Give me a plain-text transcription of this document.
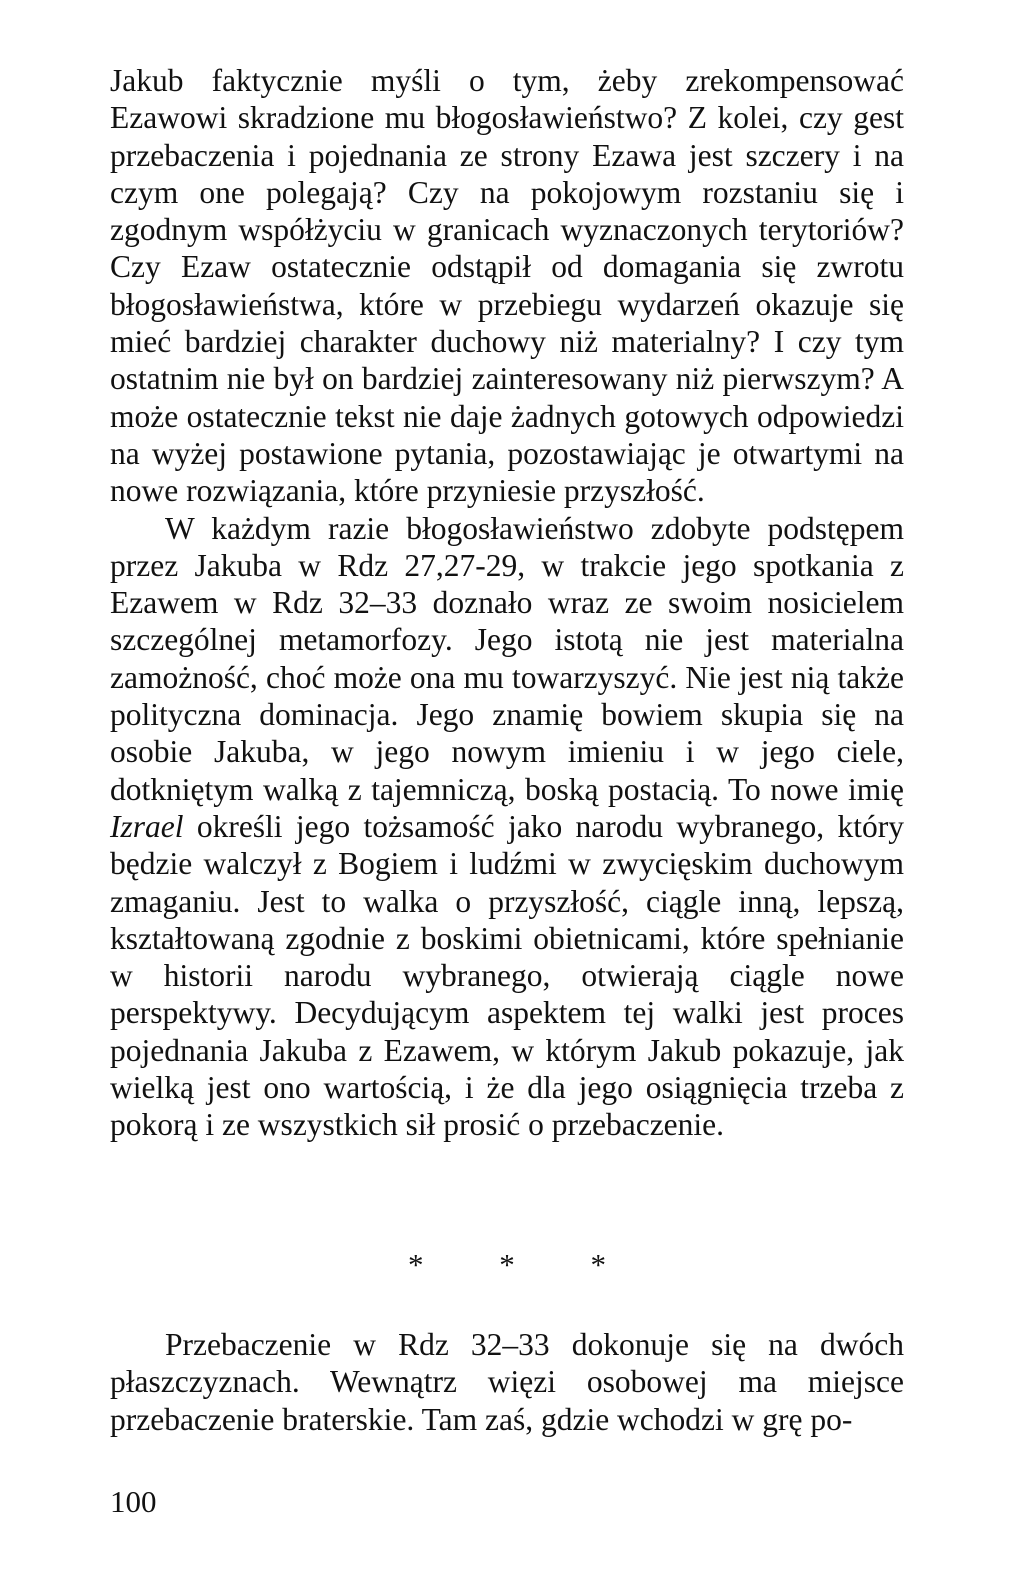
Jakub faktycznie myśli o tym, żeby zrekompensować Ezawowi skradzione mu błogosławieństwo? Z kolei, czy gest przebaczenia i pojednania ze strony Ezawa jest szczery i na czym one polegają? Czy na pokojowym rozstaniu się i zgodnym współżyciu w granicach wyznaczonych terytoriów? Czy Ezaw ostatecznie odstąpił od domagania się zwrotu błogosławieństwa, które w przebiegu wydarzeń okazuje się mieć bardziej charakter duchowy niż materialny? I czy tym ostatnim nie był on bardziej zainteresowany niż pierwszym? A może ostatecznie tekst nie daje żadnych gotowych odpowiedzi na wyżej postawione pytania, pozostawiając je otwartymi na nowe rozwiązania, które przyniesie przyszłość.

W każdym razie błogosławieństwo zdobyte podstępem przez Jakuba w Rdz 27,27-29, w trakcie jego spotkania z Ezawem w Rdz 32–33 doznało wraz ze swoim nosicielem szczególnej metamorfozy. Jego istotą nie jest materialna zamożność, choć może ona mu towarzyszyć. Nie jest nią także polityczna dominacja. Jego znamię bowiem skupia się na osobie Jakuba, w jego nowym imieniu i w jego ciele, dotkniętym walką z tajemniczą, boską postacią. To nowe imię Izrael określi jego tożsamość jako narodu wybranego, który będzie walczył z Bogiem i ludźmi w zwycięskim duchowym zmaganiu. Jest to walka o przyszłość, ciągle inną, lepszą, kształtowaną zgodnie z boskimi obietnicami, które spełnianie w historii narodu wybranego, otwierają ciągle nowe perspektywy. Decydującym aspektem tej walki jest proces pojednania Jakuba z Ezawem, w którym Jakub pokazuje, jak wielką jest ono wartością, i że dla jego osiągnięcia trzeba z pokorą i ze wszystkich sił prosić o przebaczenie.

* * *

Przebaczenie w Rdz 32–33 dokonuje się na dwóch płaszczyznach. Wewnątrz więzi osobowej ma miejsce przebaczenie braterskie. Tam zaś, gdzie wchodzi w grę po-

100
